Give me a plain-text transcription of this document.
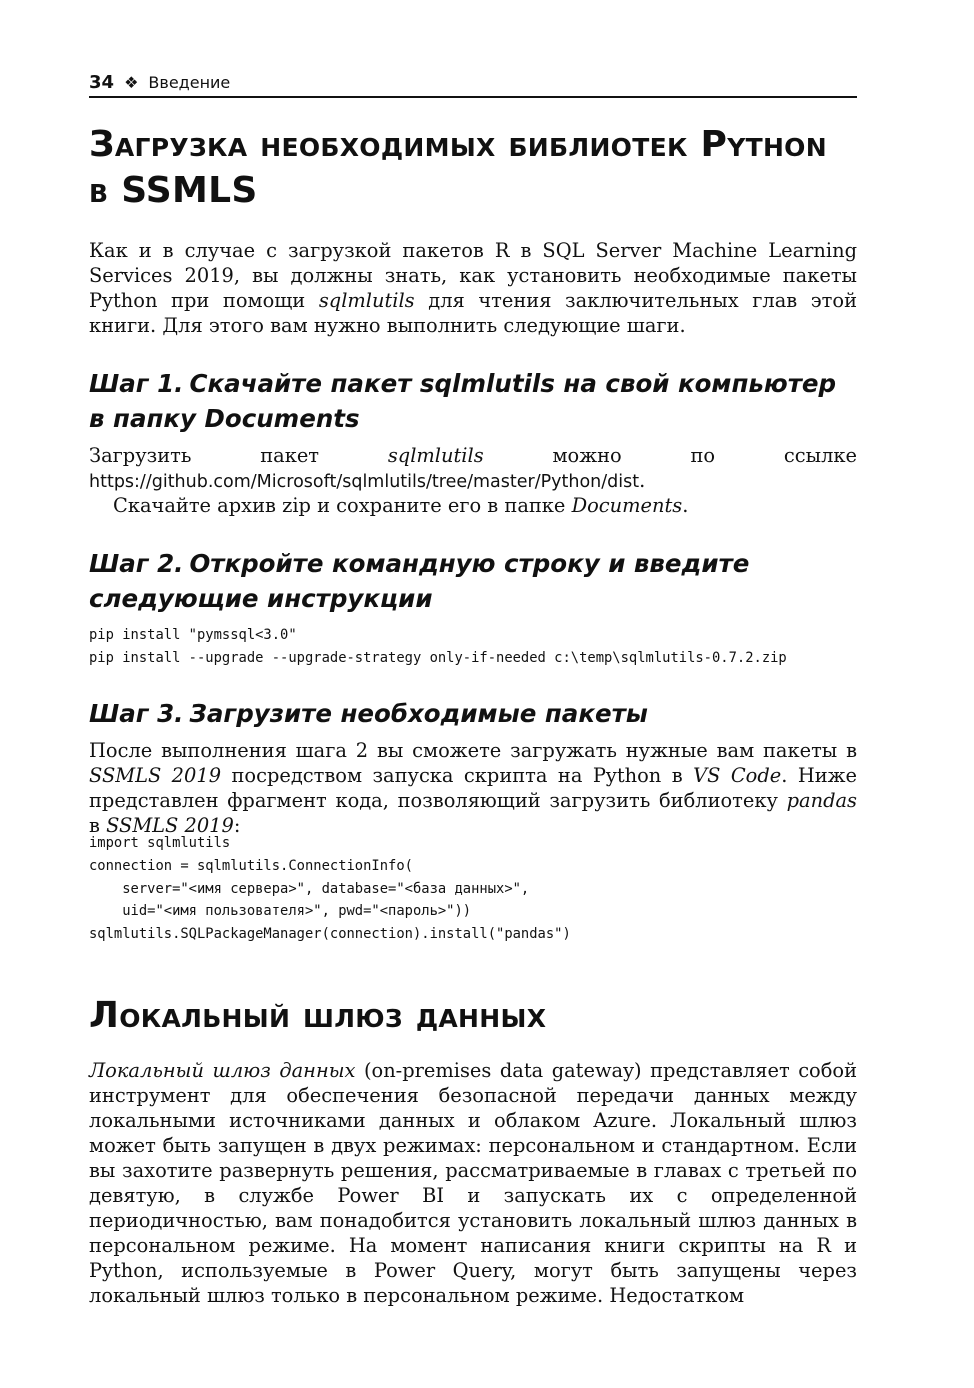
34 ❖ Введение
Загрузка необходимых библиотек Python
в SSMLS

Как и в случае с загрузкой пакетов R в SQL Server Machine Learning Services 2019, вы должны знать, как установить необходимые пакеты Python при помощи sqlmlutils для чтения заключительных глав этой книги. Для этого вам нужно выполнить следующие шаги.

Шаг 1. Скачайте пакет sqlmlutils на свой компьютер в папку Documents

Загрузить пакет sqlmlutils можно по ссылке https://github.com/Microsoft/sqlmlutils/tree/master/Python/dist.

Скачайте архив zip и сохраните его в папке Documents.

Шаг 2. Откройте командную строку и введите следующие инструкции
pip install "pymssql<3.0"
pip install --upgrade --upgrade-strategy only-if-needed c:\temp\sqlmlutils-0.7.2.zip
Шаг 3. Загрузите необходимые пакеты

После выполнения шага 2 вы сможете загружать нужные вам пакеты в SSMLS 2019 посредством запуска скрипта на Python в VS Code. Ниже представлен фрагмент кода, позволяющий загрузить библиотеку pandas в SSMLS 2019:

import sqlmlutils
connection = sqlmlutils.ConnectionInfo(
server="<имя сервера>", database="<база данных>",
uid="<имя пользователя>", pwd="<пароль>"))
sqlmlutils.SQLPackageManager(connection).install("pandas")
Локальный шлюз данных

Локальный шлюз данных (on-premises data gateway) представляет собой инструмент для обеспечения безопасной передачи данных между локальными источниками данных и облаком Azure. Локальный шлюз может быть запущен в двух режимах: персональном и стандартном. Если вы захотите развернуть решения, рассматриваемые в главах с третьей по девятую, в службе Power BI и запускать их с определенной периодичностью, вам понадобится установить локальный шлюз данных в персональном режиме. На момент написания книги скрипты на R и Python, используемые в Power Query, могут быть запущены через локальный шлюз только в персональном режиме. Недостатком
